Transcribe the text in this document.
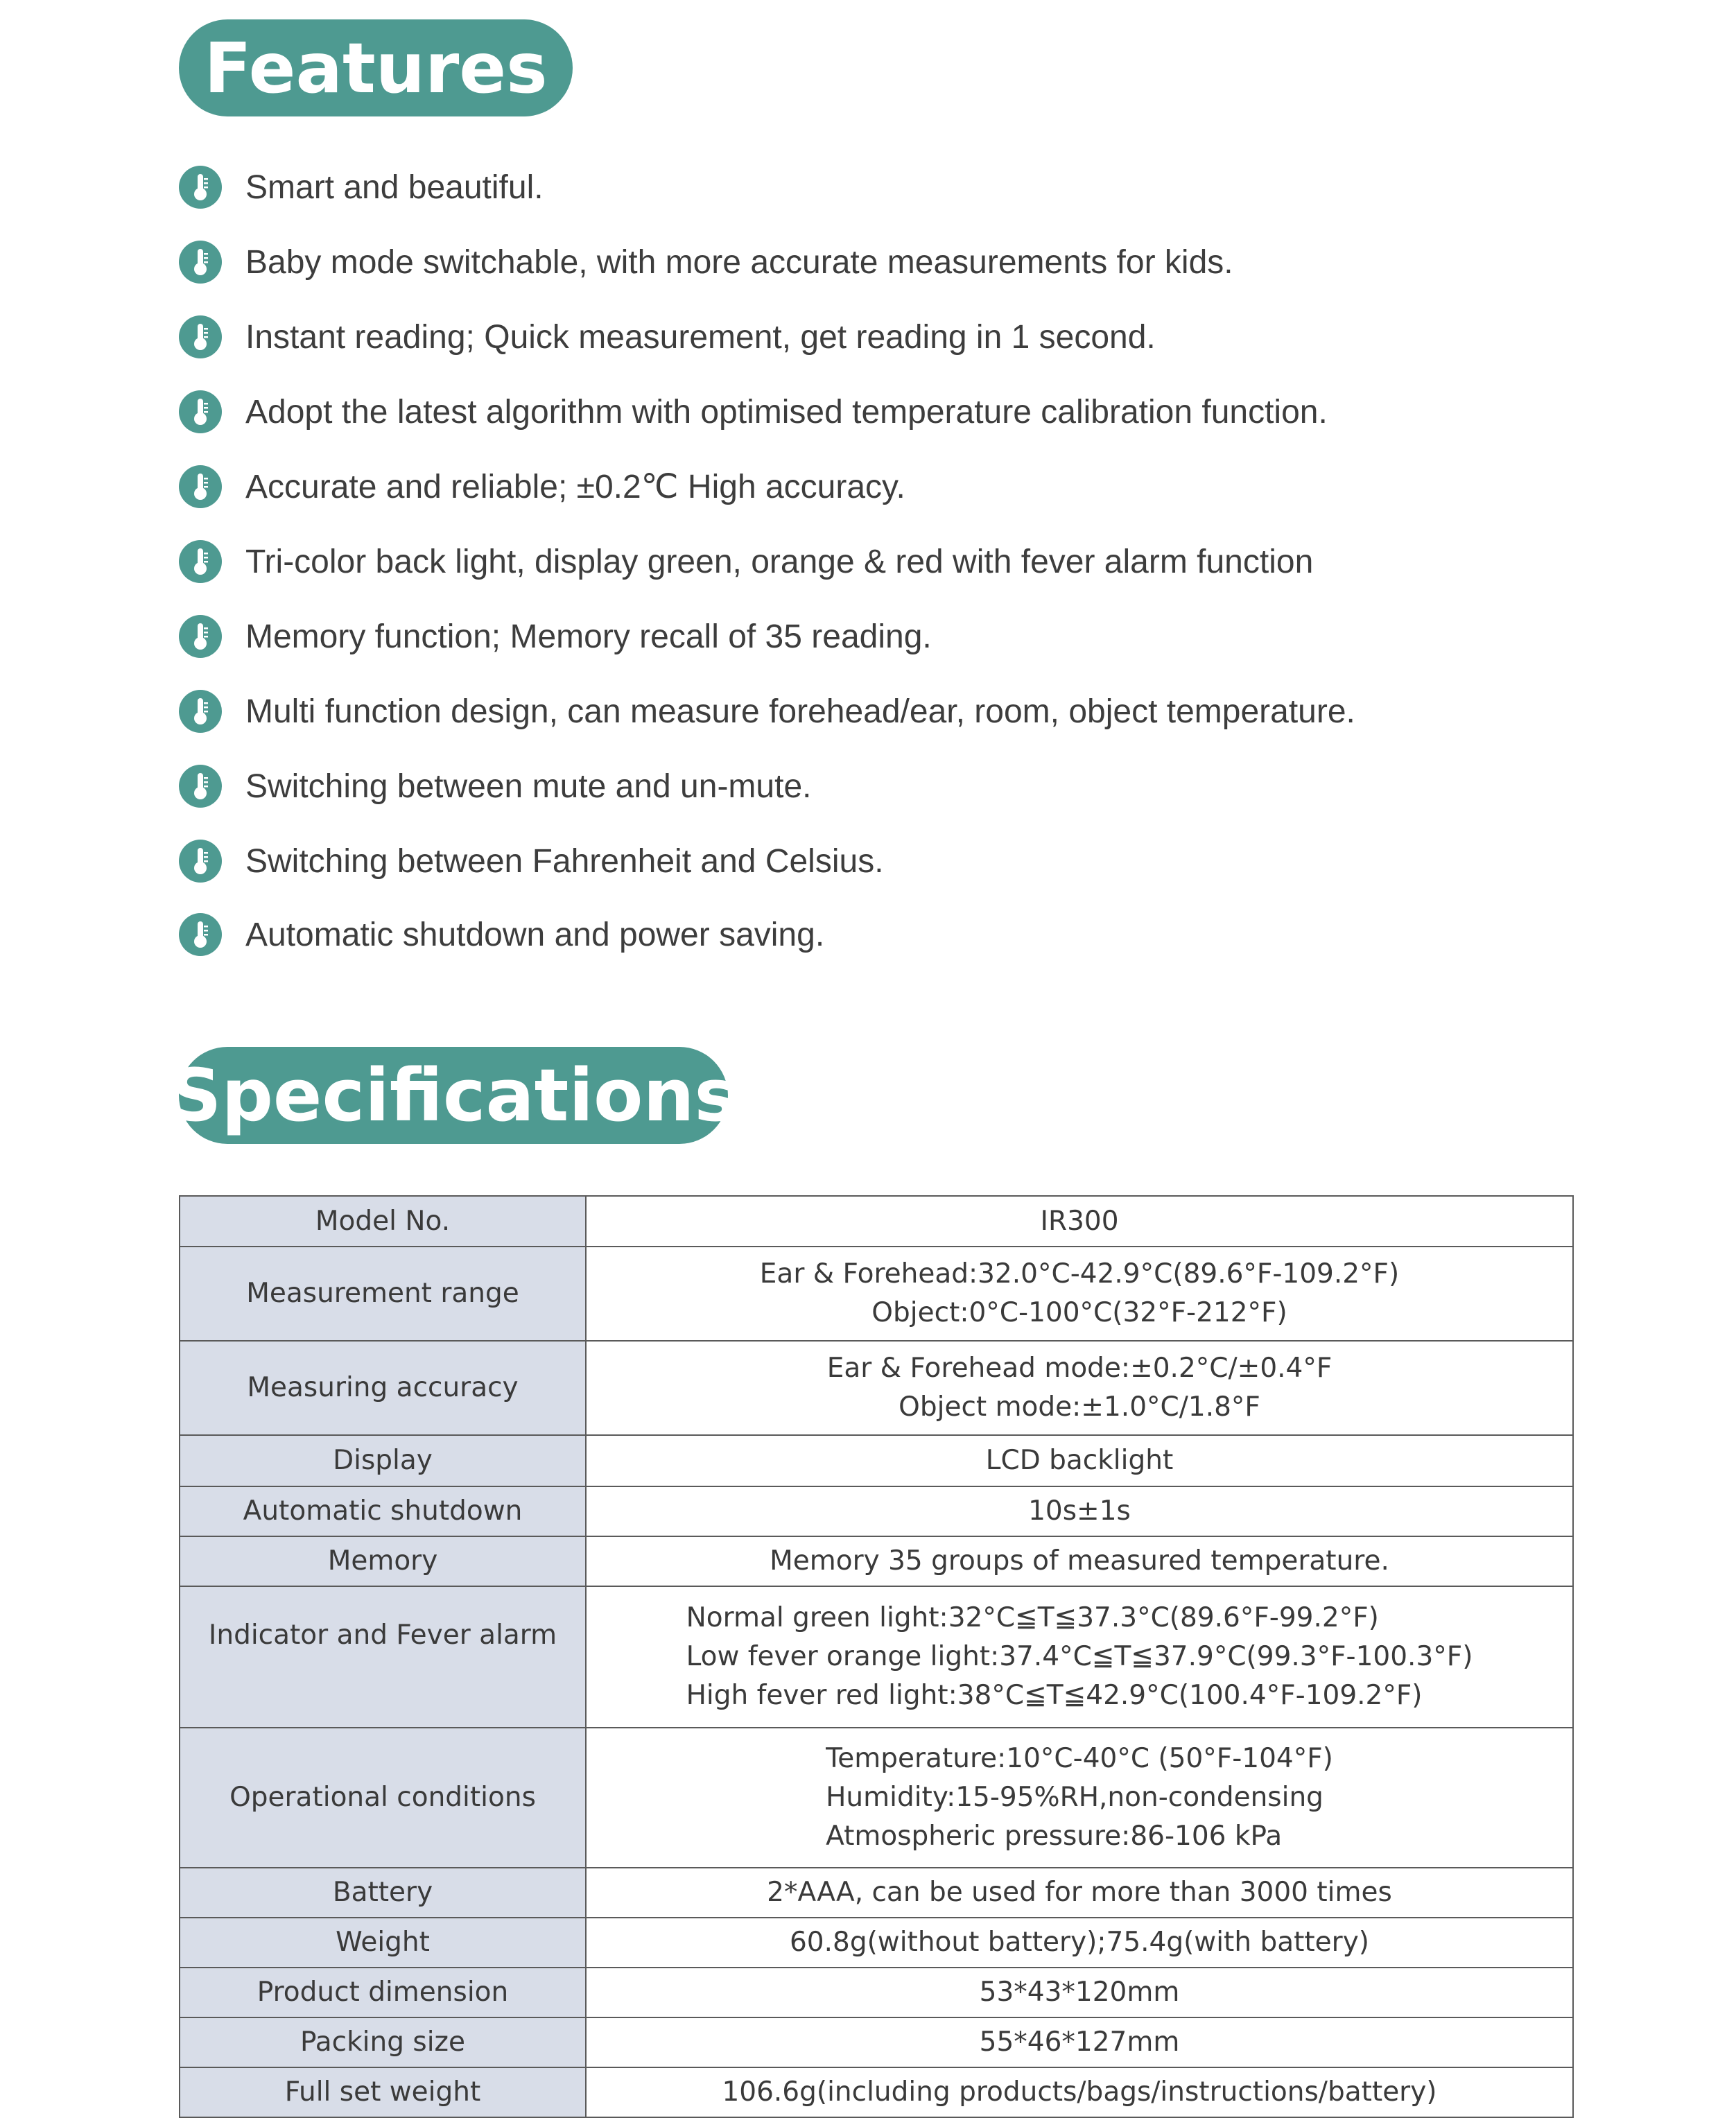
Features
Smart and beautiful.
Baby mode switchable, with more accurate measurements for kids.
Instant reading; Quick measurement, get reading in 1 second.
Adopt the latest algorithm with optimised temperature calibration function.
Accurate and reliable; ±0.2℃ High accuracy.
Tri-color back light, display green, orange & red with fever alarm function
Memory function; Memory recall of 35 reading.
Multi function design, can measure forehead/ear, room, object temperature.
Switching between mute and un-mute.
Switching between Fahrenheit and Celsius.
Automatic shutdown and power saving.
Specifications
Model No.	IR300

Measurement range	Ear & Forehead:32.0°C-42.9°C(89.6°F-109.2°F)
Object:0°C-100°C(32°F-212°F)

Measuring accuracy	Ear & Forehead mode:±0.2°C/±0.4°F
Object mode:±1.0°C/1.8°F

Display	LCD backlight

Automatic shutdown	10s±1s

Memory	Memory 35 groups of measured temperature.

Indicator and Fever alarm	Normal green light:32°C≦T≦37.3°C(89.6°F-99.2°F)
Low fever orange light:37.4°C≦T≦37.9°C(99.3°F-100.3°F)
High fever red light:38°C≦T≦42.9°C(100.4°F-109.2°F)

Operational conditions	Temperature:10°C-40°C (50°F-104°F)
Humidity:15-95%RH,non-condensing
Atmospheric pressure:86-106 kPa

Battery	2*AAA, can be used for more than 3000 times

Weight	60.8g(without battery);75.4g(with battery)

Product dimension	53*43*120mm

Packing size	55*46*127mm

Full set weight	106.6g(including products/bags/instructions/battery)
